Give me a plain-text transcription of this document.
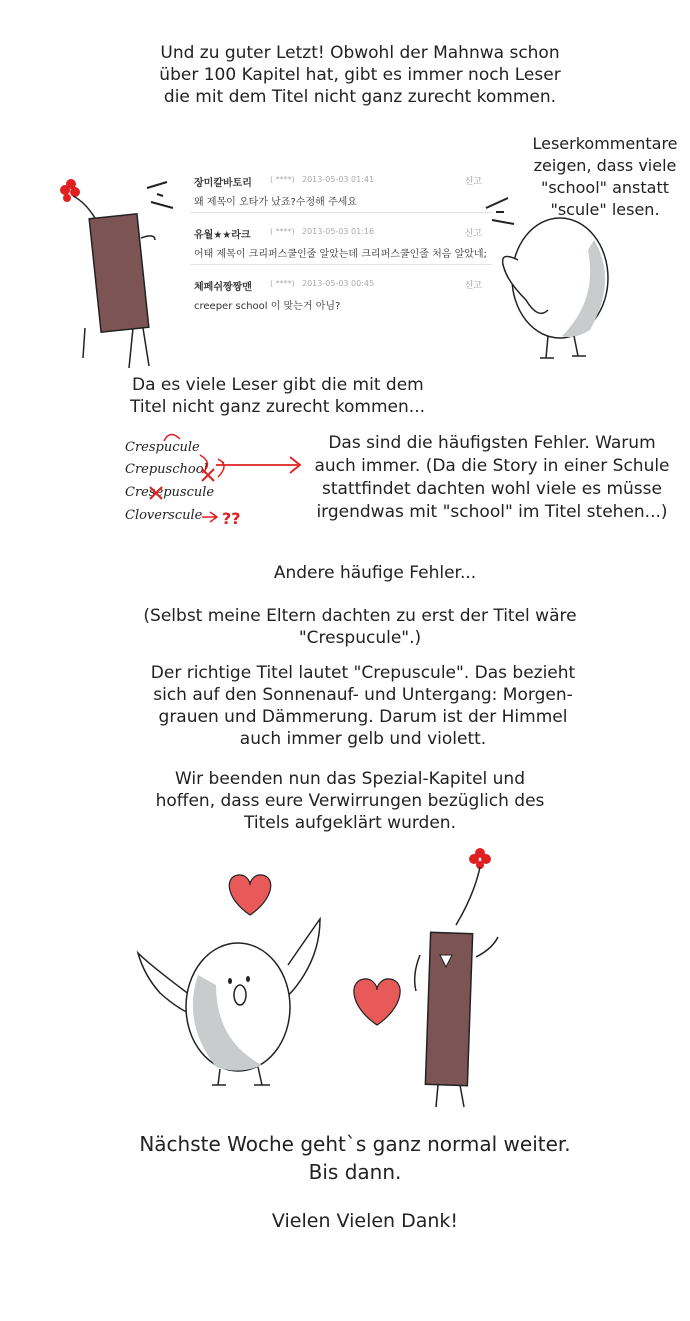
Und zu guter Letzt! Obwohl der Mahnwa schon
über 100 Kapitel hat, gibt es immer noch Leser
die mit dem Titel nicht ganz zurecht kommen.
Leserkommentare
zeigen, dass viele
"school" anstatt
"scule" lesen.
장미칼바토리 ( ****) 2013-05-03 01:41	신고
왜 제목이 오타가 났죠?수정해 주세요
유월★★라크 ( ****) 2013-05-03 01:16	신고
어태 제목이 크리퍼스쿨인줄 알았는데 크리퍼스쿨인줄 처음 알았네;
체페쉬짱짱맨 ( ****) 2013-05-03 00:45	신고
creeper school 이 맞는거 아님?
Da es viele Leser gibt die mit dem
Titel nicht ganz zurecht kommen...
Crespucule
Crepuschool
Cresepuscule
Cloverscule ??
Das sind die häufigsten Fehler. Warum
auch immer. (Da die Story in einer Schule
stattfindet dachten wohl viele es müsse
irgendwas mit "school" im Titel stehen...)
Andere häufige Fehler...
(Selbst meine Eltern dachten zu erst der Titel wäre
"Crespucule".)
Der richtige Titel lautet "Crepuscule". Das bezieht
sich auf den Sonnenauf- und Untergang: Morgen-
grauen und Dämmerung. Darum ist der Himmel
auch immer gelb und violett.
Wir beenden nun das Spezial-Kapitel und
hoffen, dass eure Verwirrungen bezüglich des
Titels aufgeklärt wurden.
Nächste Woche geht`s ganz normal weiter.
Bis dann.
Vielen Vielen Dank!
